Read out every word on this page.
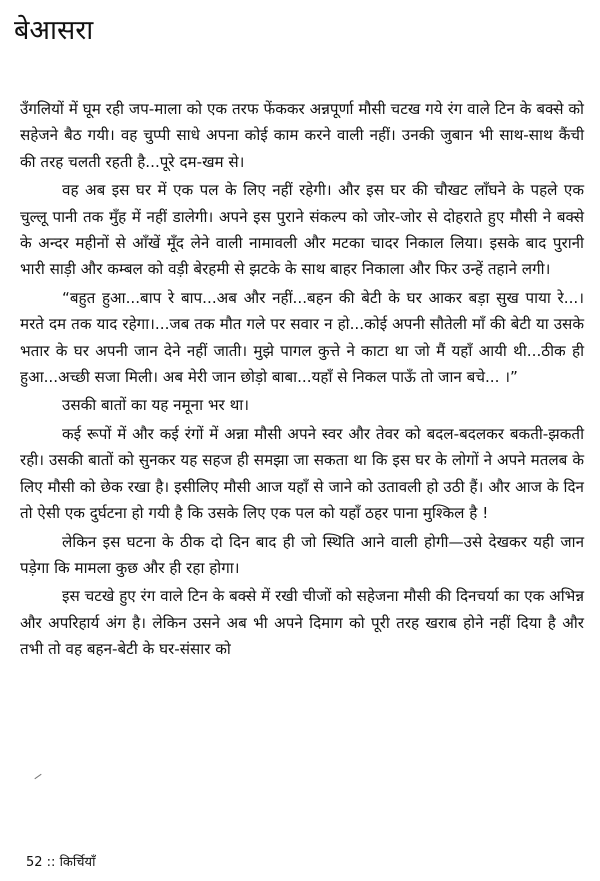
बेआसरा

उँगलियों में घूम रही जप-माला को एक तरफ फेंककर अन्नपूर्णा मौसी चटख गये रंग वाले टिन के बक्से को सहेजने बैठ गयी। वह चुप्पी साधे अपना कोई काम करने वाली नहीं। उनकी जुबान भी साथ-साथ कैंची की तरह चलती रहती है...पूरे दम-खम से।

वह अब इस घर में एक पल के लिए नहीं रहेगी। और इस घर की चौखट लाँघने के पहले एक चुल्लू पानी तक मुँह में नहीं डालेगी। अपने इस पुराने संकल्प को जोर-जोर से दोहराते हुए मौसी ने बक्से के अन्दर महीनों से आँखें मूँद लेने वाली नामावली और मटका चादर निकाल लिया। इसके बाद पुरानी भारी साड़ी और कम्बल को वड़ी बेरहमी से झटके के साथ बाहर निकाला और फिर उन्हें तहाने लगी।

“बहुत हुआ...बाप रे बाप...अब और नहीं...बहन की बेटी के घर आकर बड़ा सुख पाया रे...। मरते दम तक याद रहेगा।...जब तक मौत गले पर सवार न हो...कोई अपनी सौतेली माँ की बेटी या उसके भतार के घर अपनी जान देने नहीं जाती। मुझे पागल कुत्ते ने काटा था जो मैं यहाँ आयी थी...ठीक ही हुआ...अच्छी सजा मिली। अब मेरी जान छोड़ो बाबा...यहाँ से निकल पाऊँ तो जान बचे... ।”

उसकी बातों का यह नमूना भर था।

कई रूपों में और कई रंगों में अन्ना मौसी अपने स्वर और तेवर को बदल-बदलकर बकती-झकती रही। उसकी बातों को सुनकर यह सहज ही समझा जा सकता था कि इस घर के लोगों ने अपने मतलब के लिए मौसी को छेक रखा है। इसीलिए मौसी आज यहाँ से जाने को उतावली हो उठी हैं। और आज के दिन तो ऐसी एक दुर्घटना हो गयी है कि उसके लिए एक पल को यहाँ ठहर पाना मुश्किल है !

लेकिन इस घटना के ठीक दो दिन बाद ही जो स्थिति आने वाली होगी—उसे देखकर यही जान पड़ेगा कि मामला कुछ और ही रहा होगा।

इस चटखे हुए रंग वाले टिन के बक्से में रखी चीजों को सहेजना मौसी की दिनचर्या का एक अभिन्न और अपरिहार्य अंग है। लेकिन उसने अब भी अपने दिमाग को पूरी तरह खराब होने नहीं दिया है और तभी तो वह बहन-बेटी के घर-संसार को

52 :: किर्चियाँ
